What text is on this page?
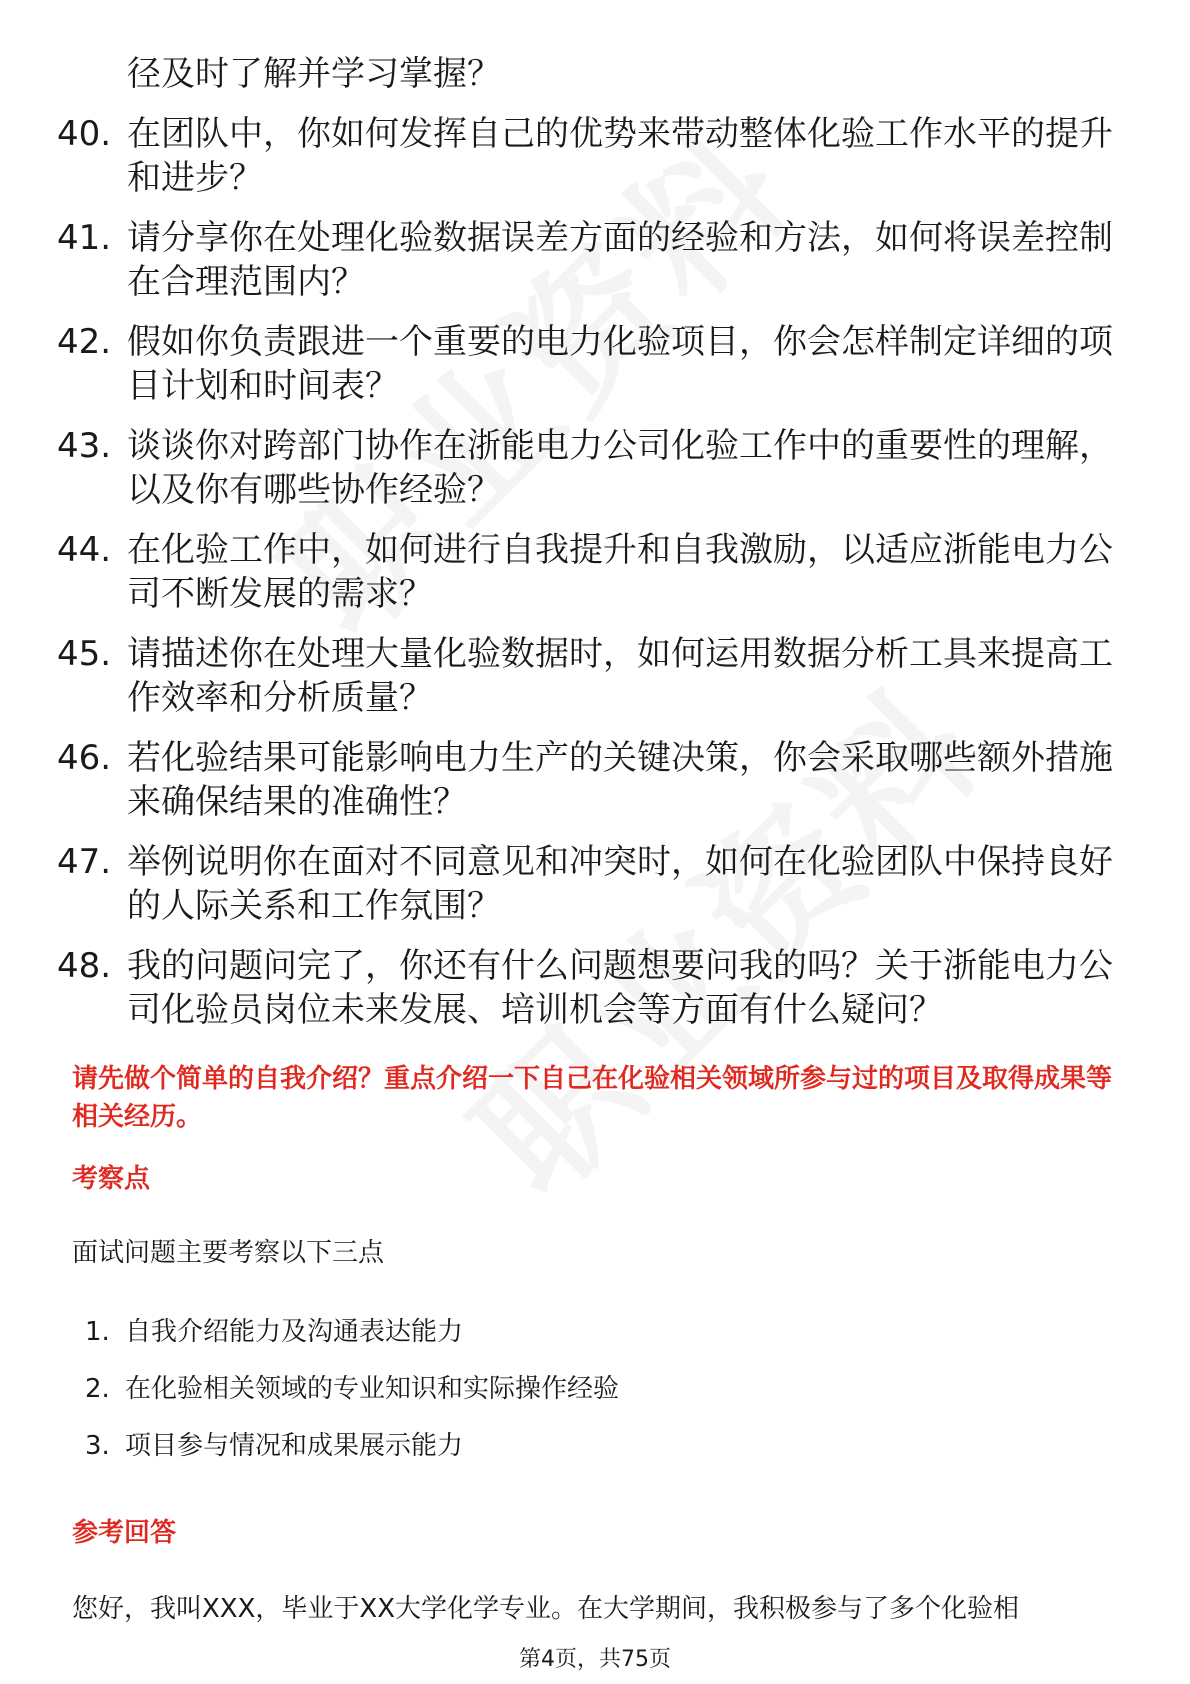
径及时了解并学习掌握？
40. 在团队中，你如何发挥自己的优势来带动整体化验工作水平的提升和进步？
41. 请分享你在处理化验数据误差方面的经验和方法，如何将误差控制在合理范围内？
42. 假如你负责跟进一个重要的电力化验项目，你会怎样制定详细的项目计划和时间表？
43. 谈谈你对跨部门协作在浙能电力公司化验工作中的重要性的理解，以及你有哪些协作经验？
44. 在化验工作中，如何进行自我提升和自我激励，以适应浙能电力公司不断发展的需求？
45. 请描述你在处理大量化验数据时，如何运用数据分析工具来提高工作效率和分析质量？
46. 若化验结果可能影响电力生产的关键决策，你会采取哪些额外措施来确保结果的准确性？
47. 举例说明你在面对不同意见和冲突时，如何在化验团队中保持良好的人际关系和工作氛围？
48. 我的问题问完了，你还有什么问题想要问我的吗？关于浙能电力公司化验员岗位未来发展、培训机会等方面有什么疑问？
请先做个简单的自我介绍？重点介绍一下自己在化验相关领域所参与过的项目及取得成果等相关经历。
考察点
面试问题主要考察以下三点
1. 自我介绍能力及沟通表达能力
2. 在化验相关领域的专业知识和实际操作经验
3. 项目参与情况和成果展示能力
参考回答
您好，我叫XXX，毕业于XX大学化学专业。在大学期间，我积极参与了多个化验相
第4页，共75页
